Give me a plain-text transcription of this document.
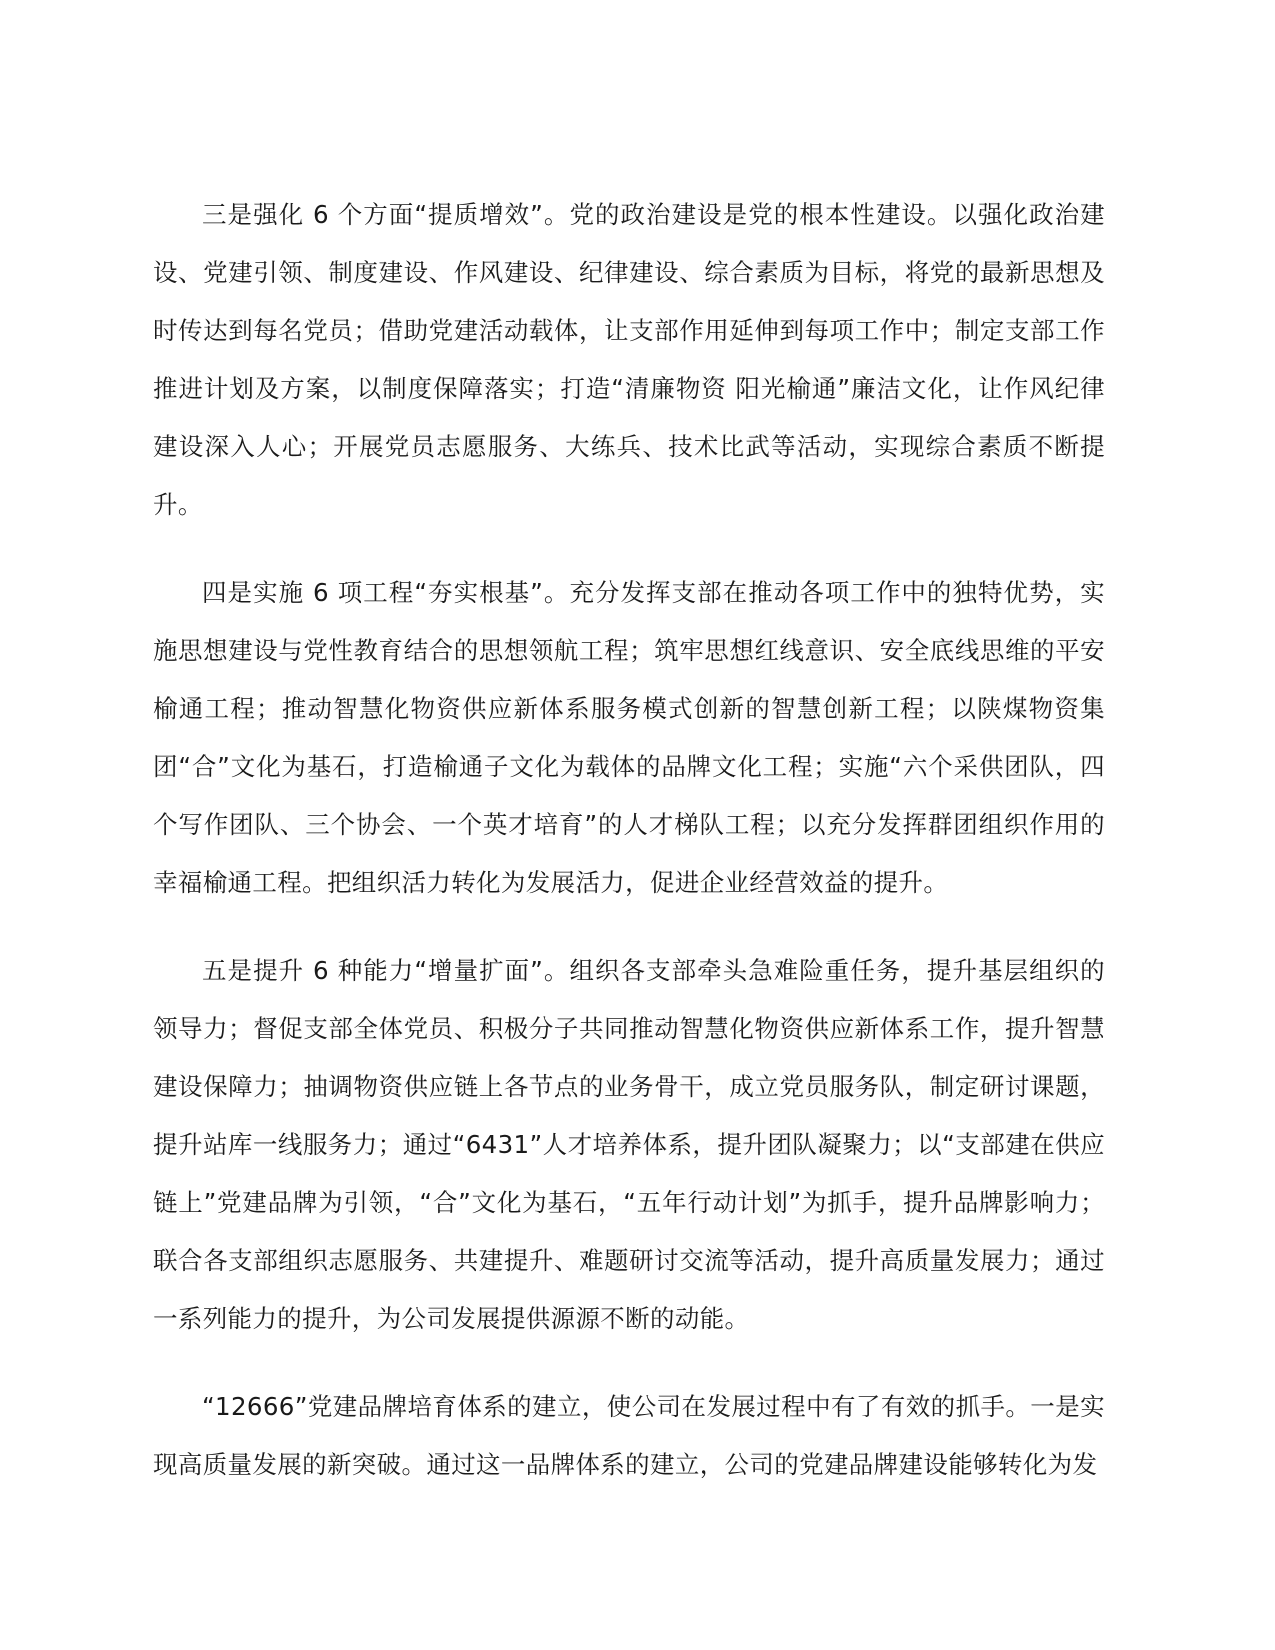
三是强化 6 个方面“提质增效”。党的政治建设是党的根本性建设。以强化政治建设、党建引领、制度建设、作风建设、纪律建设、综合素质为目标，将党的最新思想及时传达到每名党员；借助党建活动载体，让支部作用延伸到每项工作中；制定支部工作推进计划及方案，以制度保障落实；打造“清廉物资 阳光榆通”廉洁文化，让作风纪律建设深入人心；开展党员志愿服务、大练兵、技术比武等活动，实现综合素质不断提升。

四是实施 6 项工程“夯实根基”。充分发挥支部在推动各项工作中的独特优势，实施思想建设与党性教育结合的思想领航工程；筑牢思想红线意识、安全底线思维的平安榆通工程；推动智慧化物资供应新体系服务模式创新的智慧创新工程；以陕煤物资集团“合”文化为基石，打造榆通子文化为载体的品牌文化工程；实施“六个采供团队，四个写作团队、三个协会、一个英才培育”的人才梯队工程；以充分发挥群团组织作用的幸福榆通工程。把组织活力转化为发展活力，促进企业经营效益的提升。

五是提升 6 种能力“增量扩面”。组织各支部牵头急难险重任务，提升基层组织的领导力；督促支部全体党员、积极分子共同推动智慧化物资供应新体系工作，提升智慧建设保障力；抽调物资供应链上各节点的业务骨干，成立党员服务队，制定研讨课题，提升站库一线服务力；通过“6431”人才培养体系，提升团队凝聚力；以“支部建在供应链上”党建品牌为引领，“合”文化为基石，“五年行动计划”为抓手，提升品牌影响力；联合各支部组织志愿服务、共建提升、难题研讨交流等活动，提升高质量发展力；通过一系列能力的提升，为公司发展提供源源不断的动能。

“12666”党建品牌培育体系的建立，使公司在发展过程中有了有效的抓手。一是实现高质量发展的新突破。通过这一品牌体系的建立，公司的党建品牌建设能够转化为发
